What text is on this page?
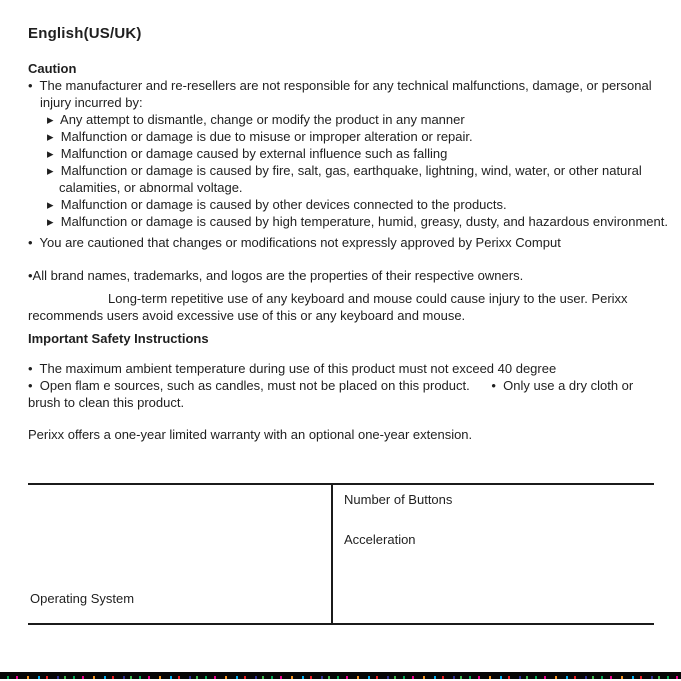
English(US/UK)
Caution
•  The manufacturer and re-resellers are not responsible for any technical malfunctions, damage, or personal
injury incurred by:
▸  Any attempt to dismantle, change or modify the product in any manner
▸  Malfunction or damage is due to misuse or improper alteration or repair.
▸  Malfunction or damage caused by external influence such as falling
▸  Malfunction or damage is caused by fire, salt, gas, earthquake, lightning, wind, water, or other natural
calamities, or abnormal voltage.
▸  Malfunction or damage is caused by other devices connected to the products.
▸  Malfunction or damage is caused by high temperature, humid, greasy, dusty, and hazardous environment.
•  You are cautioned that changes or modifications not expressly approved by Perixx Comput
•All brand names, trademarks, and logos are the properties of their respective owners.
Long-term repetitive use of any keyboard and mouse could cause injury to the user. Perixx
recommends users avoid excessive use of this or any keyboard and mouse.
Important Safety Instructions
•  The maximum ambient temperature during use of this product must not exceed 40 degree
•  Open flam e sources, such as candles, must not be placed on this product.      •  Only use a dry cloth or
brush to clean this product.
Perixx offers a one-year limited warranty with an optional one-year extension.
Number of Buttons
Acceleration
Operating System
